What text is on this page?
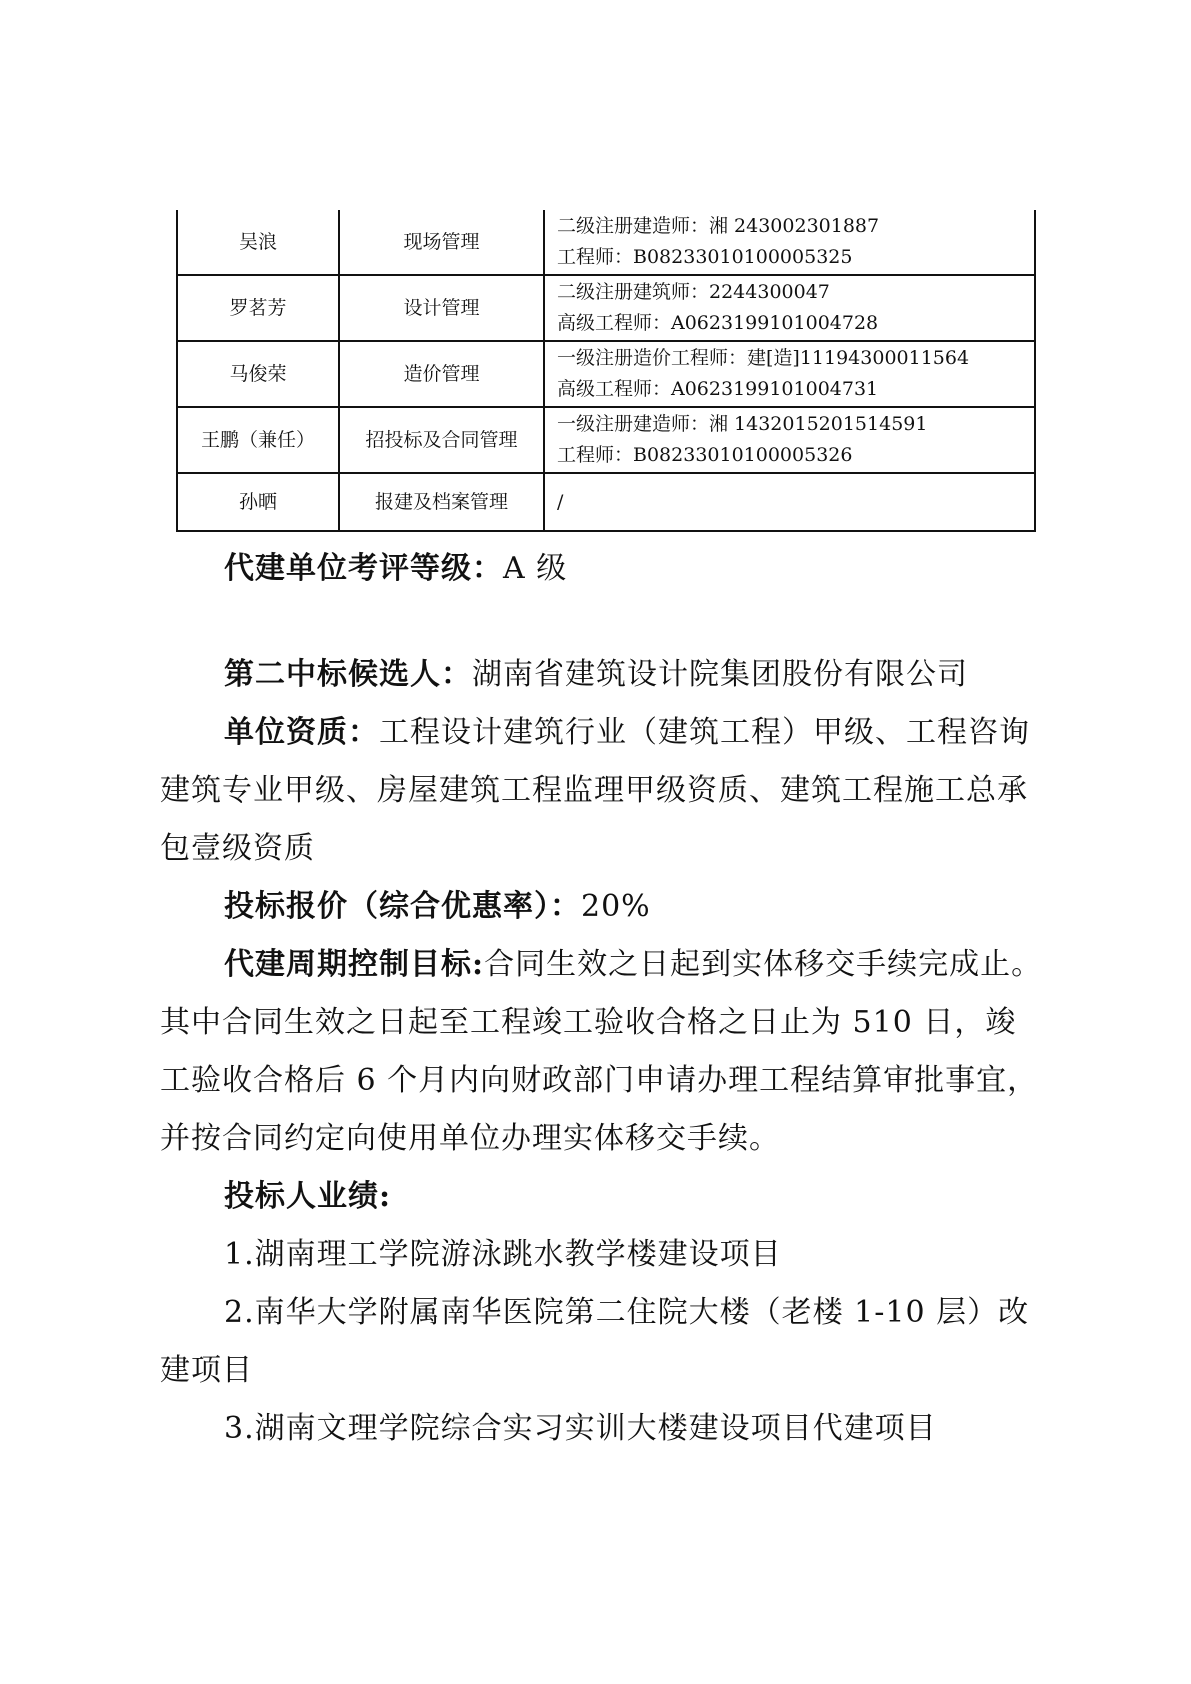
吴浪	现场管理	二级注册建造师：湘 243002301887
工程师：B08233010100005325

罗茗芳	设计管理	二级注册建筑师：2244300047
高级工程师：A0623199101004728

马俊荣	造价管理	一级注册造价工程师：建[造]11194300011564
高级工程师：A0623199101004731

王鹏（兼任）	招投标及合同管理	一级注册建造师：湘 1432015201514591
工程师：B08233010100005326

孙晒	报建及档案管理	/

代建单位考评等级：A 级

第二中标候选人：湖南省建筑设计院集团股份有限公司

单位资质：工程设计建筑行业（建筑工程）甲级、工程咨询建筑专业甲级、房屋建筑工程监理甲级资质、建筑工程施工总承包壹级资质

投标报价（综合优惠率）：20%

代建周期控制目标:合同生效之日起到实体移交手续完成止。其中合同生效之日起至工程竣工验收合格之日止为 510 日，竣工验收合格后 6 个月内向财政部门申请办理工程结算审批事宜，并按合同约定向使用单位办理实体移交手续。

投标人业绩:

1.湖南理工学院游泳跳水教学楼建设项目

2.南华大学附属南华医院第二住院大楼（老楼 1-10 层）改建项目

3.湖南文理学院综合实习实训大楼建设项目代建项目
